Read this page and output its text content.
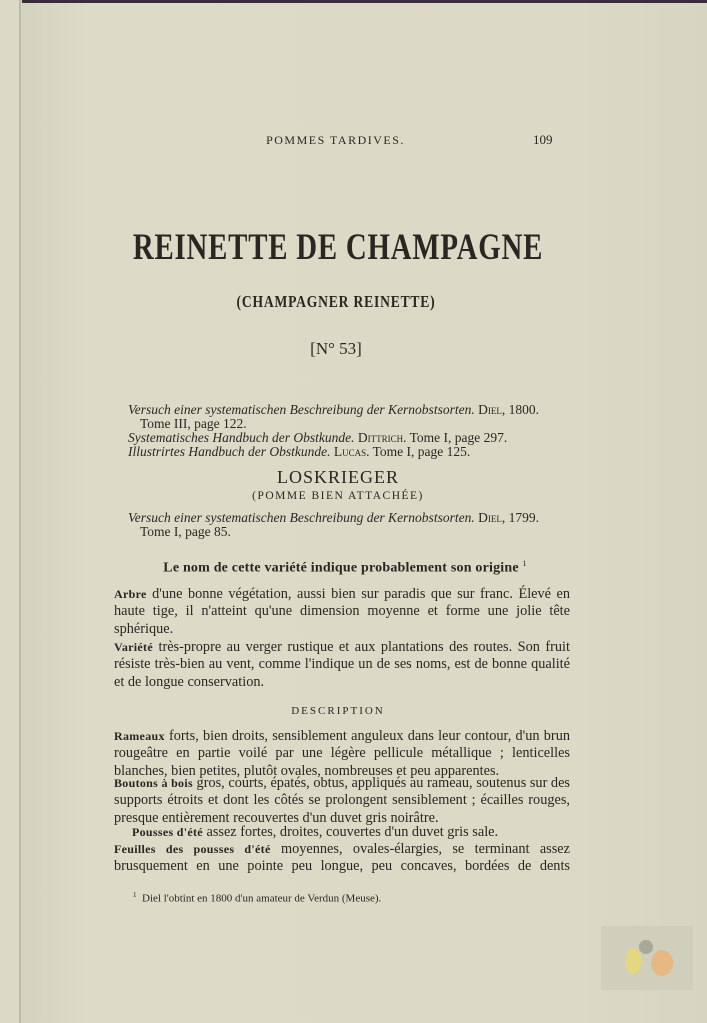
POMMES TARDIVES.	109
REINETTE DE CHAMPAGNE
(CHAMPAGNER REINETTE)
[N° 53]
Versuch einer systematischen Beschreibung der Kernobstsorten. Diel, 1800. Tome III, page 122.
Systematisches Handbuch der Obstkunde. Dittrich. Tome I, page 297.
Illustrirtes Handbuch der Obstkunde. Lucas. Tome I, page 125.
LOSKRIEGER
(POMME BIEN ATTACHÉE)
Versuch einer systematischen Beschreibung der Kernobstsorten. Diel, 1799. Tome I, page 85.
Le nom de cette variété indique probablement son origine $^1$
Arbre d'une bonne végétation, aussi bien sur paradis que sur franc. Élevé en haute tige, il n'atteint qu'une dimension moyenne et forme une jolie tête sphérique.
Variété très-propre au verger rustique et aux plantations des routes. Son fruit résiste très-bien au vent, comme l'indique un de ses noms, est de bonne qualité et de longue conservation.
DESCRIPTION
Rameaux forts, bien droits, sensiblement anguleux dans leur contour, d'un brun rougeâtre en partie voilé par une légère pellicule métallique ; lenticelles blanches, bien petites, plutôt ovales, nombreuses et peu apparentes.
Boutons à bois gros, courts, épatés, obtus, appliqués au rameau, soutenus sur des supports étroits et dont les côtés se prolongent sensiblement ; écailles rouges, presque entièrement recouvertes d'un duvet gris noirâtre.
Pousses d'été assez fortes, droites, couvertes d'un duvet gris sale.
Feuilles des pousses d'été moyennes, ovales-élargies, se terminant assez brusquement en une pointe peu longue, peu concaves, bordées de dents
$^1$ Diel l'obtint en 1800 d'un amateur de Verdun (Meuse).
